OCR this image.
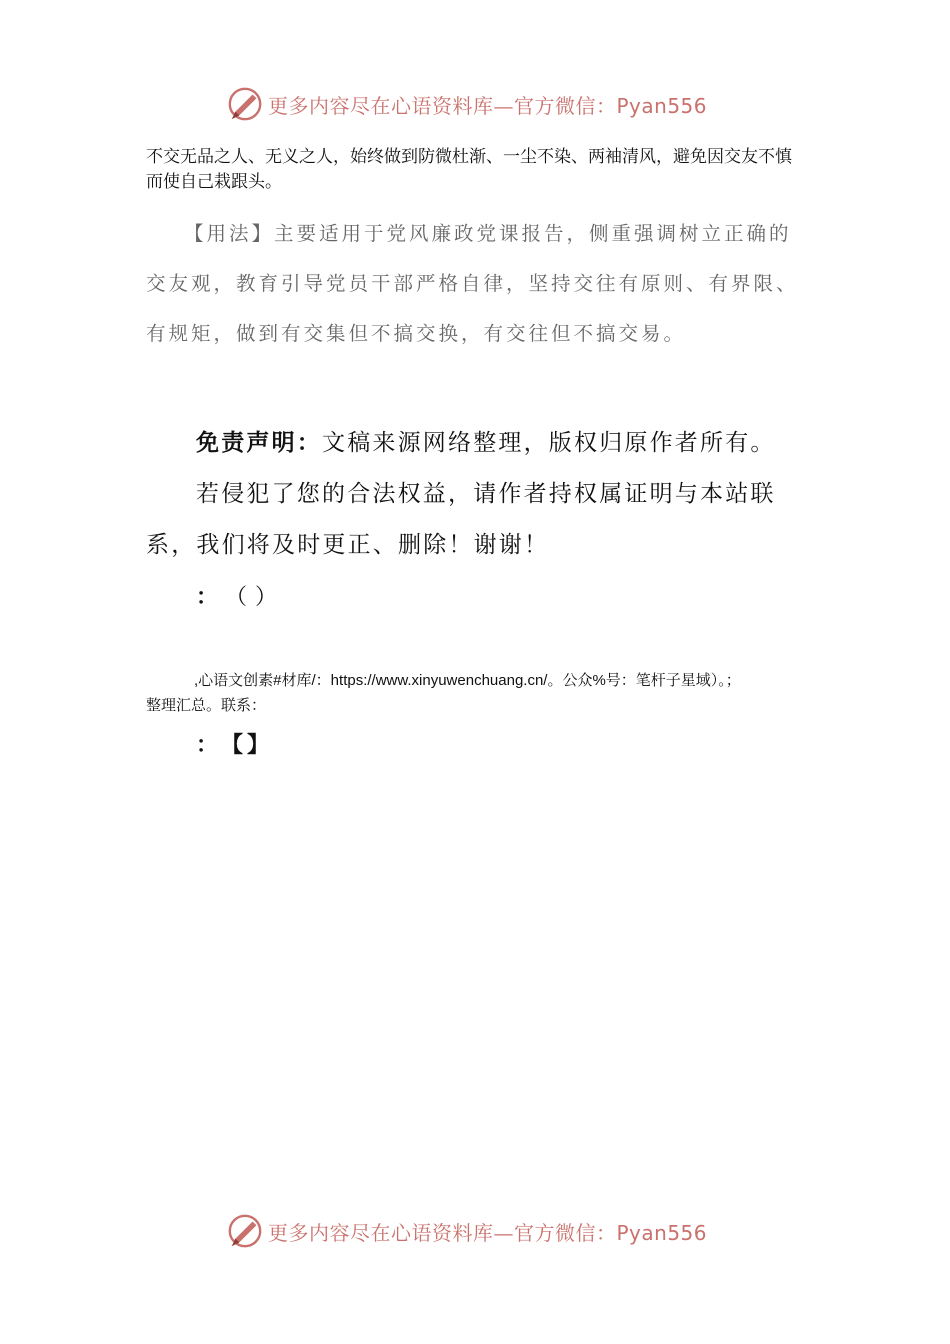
更多内容尽在心语资料库—官方微信：Pyan556
不交无品之人、无义之人，始终做到防微杜渐、一尘不染、两袖清风，避免因交友不慎而使自己栽跟头。
【用法】主要适用于党风廉政党课报告，侧重强调树立正确的交友观，教育引导党员干部严格自律，坚持交往有原则、有界限、有规矩，做到有交集但不搞交换，有交往但不搞交易。
免责声明：文稿来源网络整理，版权归原作者所有。
若侵犯了您的合法权益，请作者持权属证明与本站联系，我们将及时更正、删除！谢谢！
： （）
,心语文创素#材库/：https://www.xinyuwenchuang.cn/。公众%号：笔杆子星域）。；
整理汇总。联系：
： 【】
更多内容尽在心语资料库—官方微信：Pyan556
